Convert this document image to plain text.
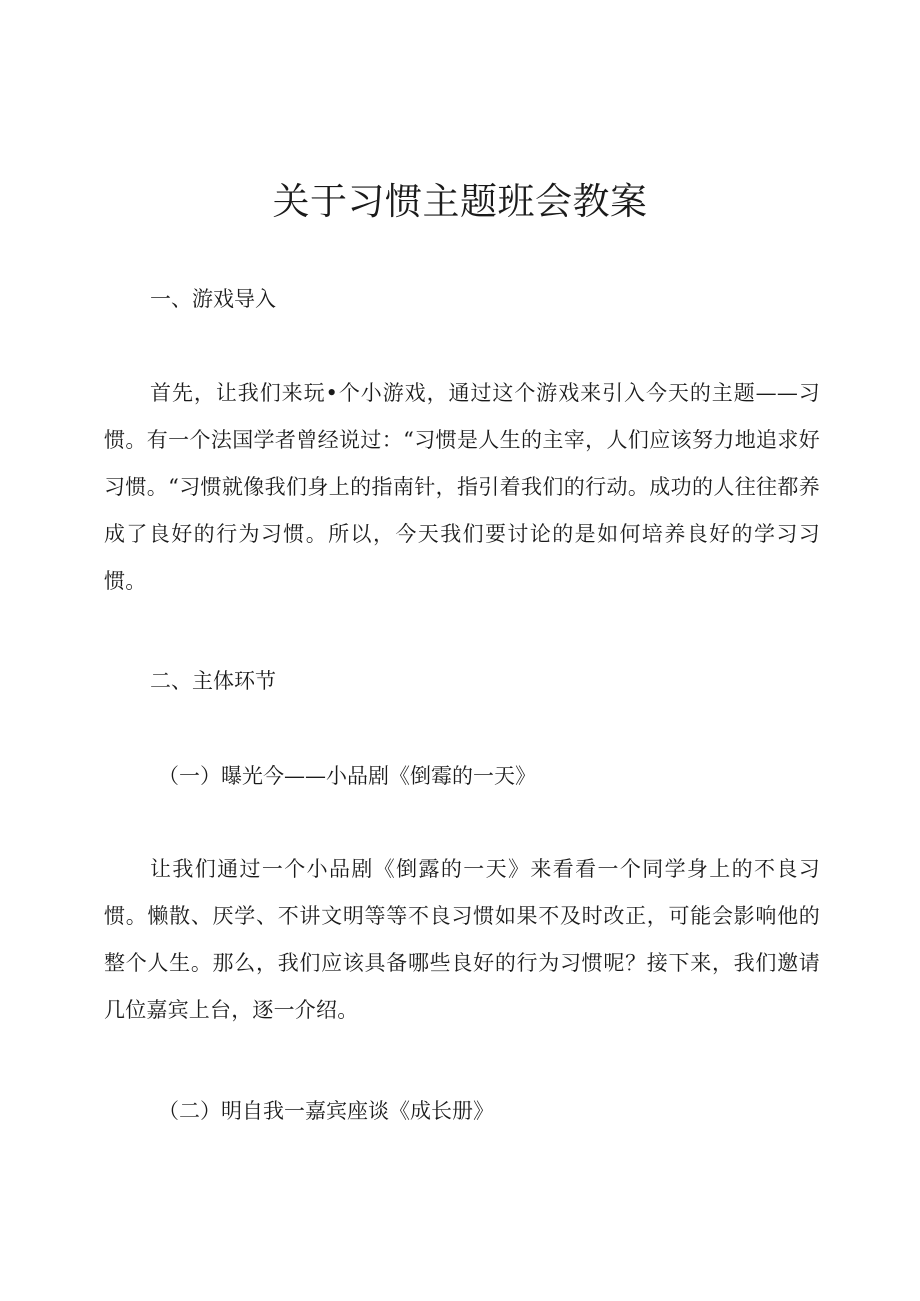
关于习惯主题班会教案
一、游戏导入

首先，让我们来玩•个小游戏，通过这个游戏来引入今天的主题——习惯。有一个法国学者曾经说过：“习惯是人生的主宰，人们应该努力地追求好习惯。“习惯就像我们身上的指南针，指引着我们的行动。成功的人往往都养成了良好的行为习惯。所以，今天我们要讨论的是如何培养良好的学习习惯。

二、主体环节
（一）曝光今——小品剧《倒霉的一天》

让我们通过一个小品剧《倒露的一天》来看看一个同学身上的不良习惯。懒散、厌学、不讲文明等等不良习惯如果不及时改正，可能会影响他的整个人生。那么，我们应该具备哪些良好的行为习惯呢？接下来，我们邀请几位嘉宾上台，逐一介绍。

（二）明自我一嘉宾座谈《成长册》
